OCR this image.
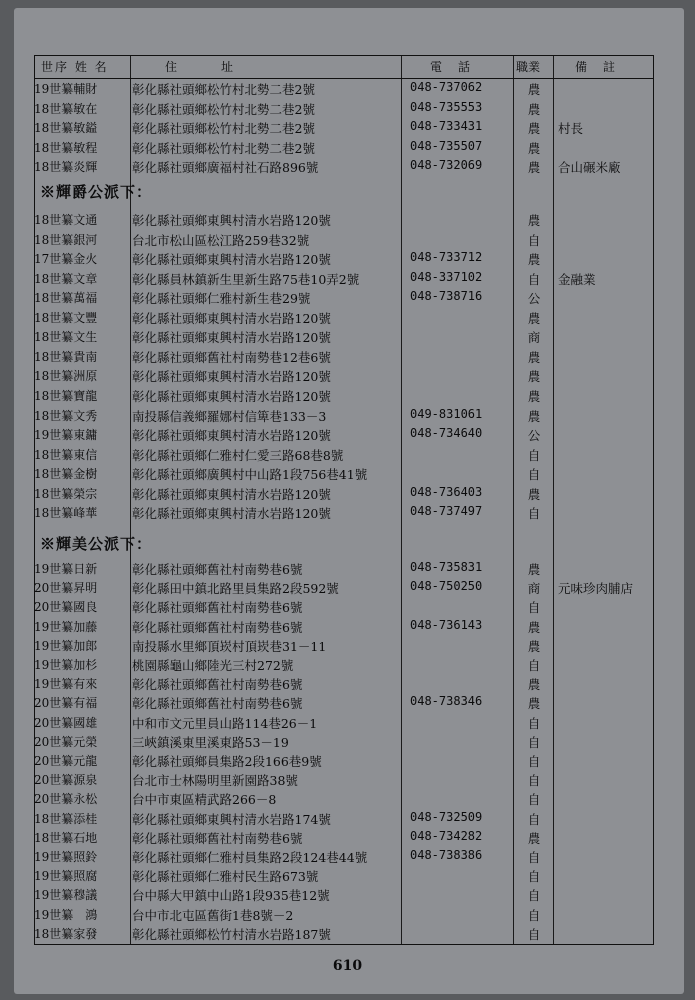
世序 姓 名	住　　　址	電　話	職業	備　註
※輝爵公派下：
※輝美公派下：
19世纂輔財	彰化縣社頭鄉松竹村北勢二巷2號	048-737062	農
18世纂敏在	彰化縣社頭鄉松竹村北勢二巷2號	048-735553	農
18世纂敏鎰	彰化縣社頭鄉松竹村北勢二巷2號	048-733431	農	村長
18世纂敏程	彰化縣社頭鄉松竹村北勢二巷2號	048-735507	農
18世纂炎輝	彰化縣社頭鄉廣福村社石路896號	048-732069	農	合山碾米廠
18世纂文通	彰化縣社頭鄉東興村清水岩路120號	農
18世纂銀河	台北市松山區松江路259巷32號	自
17世纂金火	彰化縣社頭鄉東興村清水岩路120號	048-733712	農
18世纂文章	彰化縣員林鎮新生里新生路75巷10弄2號	048-337102	自	金融業
18世纂萬福	彰化縣社頭鄉仁雅村新生巷29號	048-738716	公
18世纂文豐	彰化縣社頭鄉東興村清水岩路120號	農
18世纂文生	彰化縣社頭鄉東興村清水岩路120號	商
18世纂貴南	彰化縣社頭鄉舊社村南勢巷12巷6號	農
18世纂洲原	彰化縣社頭鄉東興村清水岩路120號	農
18世纂寶龍	彰化縣社頭鄉東興村清水岩路120號	農
18世纂文秀	南投縣信義鄉羅娜村信箄巷133－3	049-831061	農
19世纂東鏞	彰化縣社頭鄉東興村清水岩路120號	048-734640	公
18世纂東信	彰化縣社頭鄉仁雅村仁愛三路68巷8號	自
18世纂金樹	彰化縣社頭鄉廣興村中山路1段756巷41號	自
18世纂榮宗	彰化縣社頭鄉東興村清水岩路120號	048-736403	農
18世纂峰華	彰化縣社頭鄉東興村清水岩路120號	048-737497	自
19世纂日新	彰化縣社頭鄉舊社村南勢巷6號	048-735831	農
20世纂昇明	彰化縣田中鎮北路里員集路2段592號	048-750250	商	元味珍肉脯店
20世纂國良	彰化縣社頭鄉舊社村南勢巷6號	自
19世纂加藤	彰化縣社頭鄉舊社村南勢巷6號	048-736143	農
19世纂加郎	南投縣水里鄉頂崁村頂崁巷31－11	農
19世纂加杉	桃園縣龜山鄉陸光三村272號	自
19世纂有來	彰化縣社頭鄉舊社村南勢巷6號	農
20世纂有福	彰化縣社頭鄉舊社村南勢巷6號	048-738346	農
20世纂國雄	中和市文元里員山路114巷26－1	自
20世纂元榮	三峽鎮溪東里溪東路53－19	自
20世纂元龍	彰化縣社頭鄉員集路2段166巷9號	自
20世纂源泉	台北市士林陽明里新園路38號	自
20世纂永松	台中市東區精武路266－8	自
18世纂添桂	彰化縣社頭鄉東興村清水岩路174號	048-732509	自
18世纂石地	彰化縣社頭鄉舊社村南勢巷6號	048-734282	農
19世纂照鈴	彰化縣社頭鄉仁雅村員集路2段124巷44號	048-738386	自
19世纂照腐	彰化縣社頭鄉仁雅村民生路673號	自
19世纂穆議	台中縣大甲鎮中山路1段935巷12號	自
19世纂　鴻	台中市北屯區舊街1巷8號－2	自
18世纂家發	彰化縣社頭鄉松竹村清水岩路187號	自
610
